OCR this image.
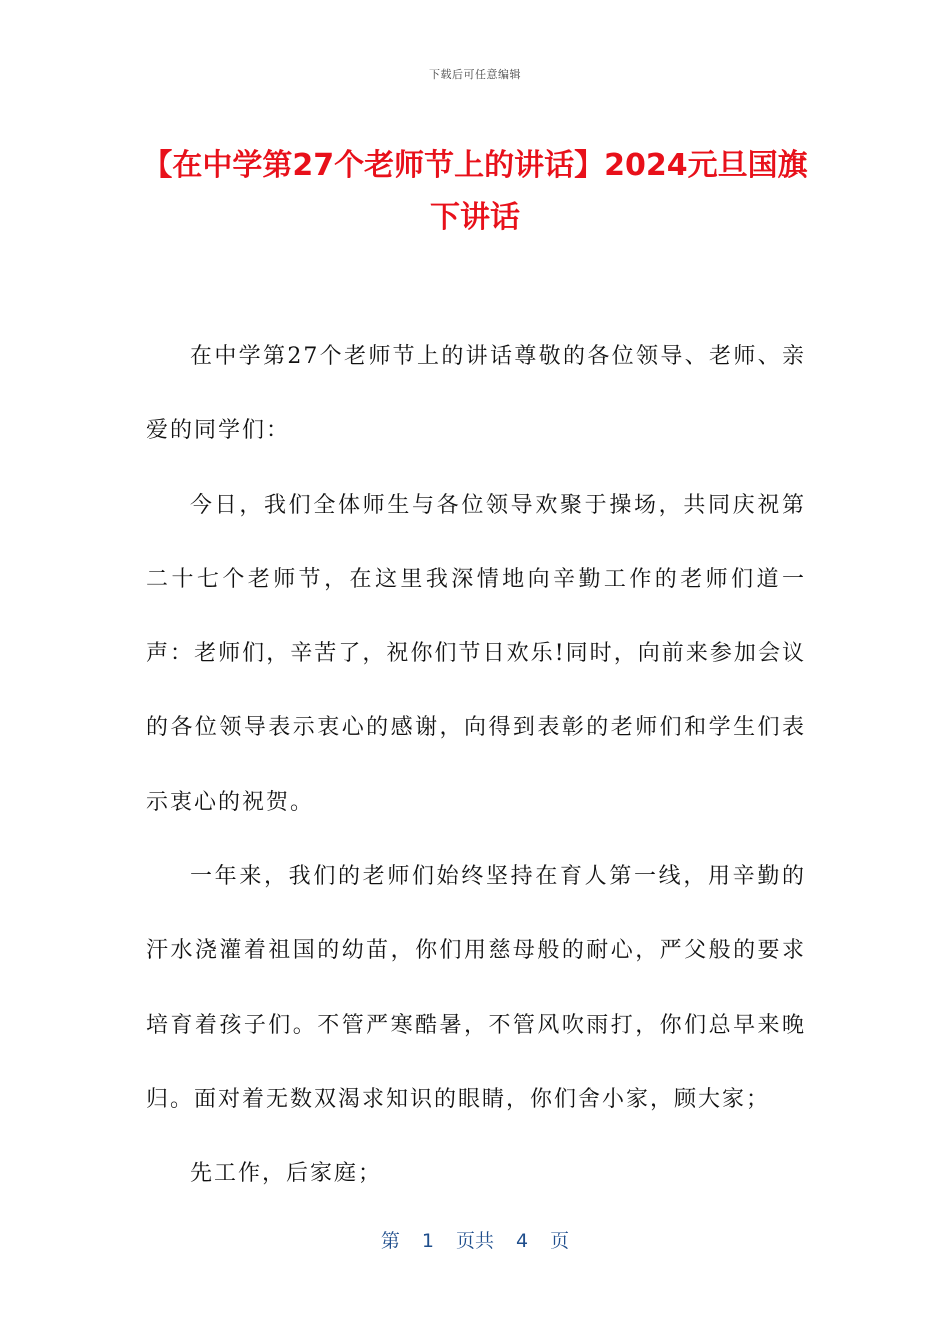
下载后可任意编辑
【在中学第27个老师节上的讲话】2024元旦国旗下讲话

在中学第27个老师节上的讲话尊敬的各位领导、老师、亲爱的同学们：

今日，我们全体师生与各位领导欢聚于操场，共同庆祝第二十七个老师节，在这里我深情地向辛勤工作的老师们道一声：老师们，辛苦了，祝你们节日欢乐!同时，向前来参加会议的各位领导表示衷心的感谢，向得到表彰的老师们和学生们表示衷心的祝贺。

一年来，我们的老师们始终坚持在育人第一线，用辛勤的汗水浇灌着祖国的幼苗，你们用慈母般的耐心，严父般的要求培育着孩子们。不管严寒酷暑，不管风吹雨打，你们总早来晚归。面对着无数双渴求知识的眼睛，你们舍小家，顾大家；

先工作，后家庭；

第 1 页共 4 页
